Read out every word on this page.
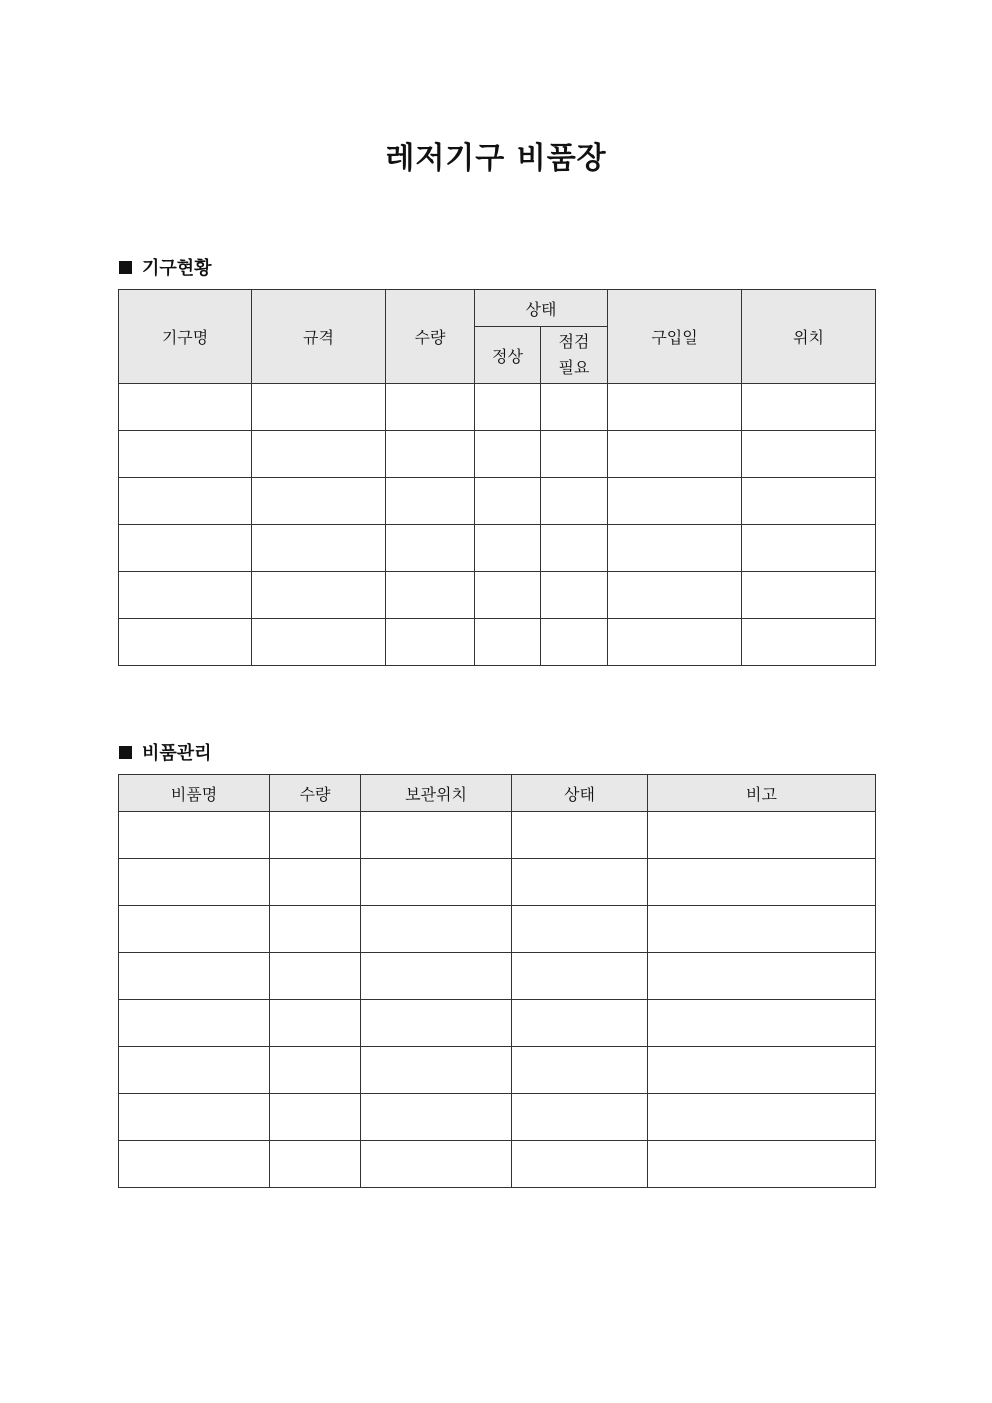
레저기구 비품장
기구현황
기구명	규격	수량	상태		구입일	위치
			정상	점검
필요		

비품관리
비품명	수량	보관위치	상태	비고
